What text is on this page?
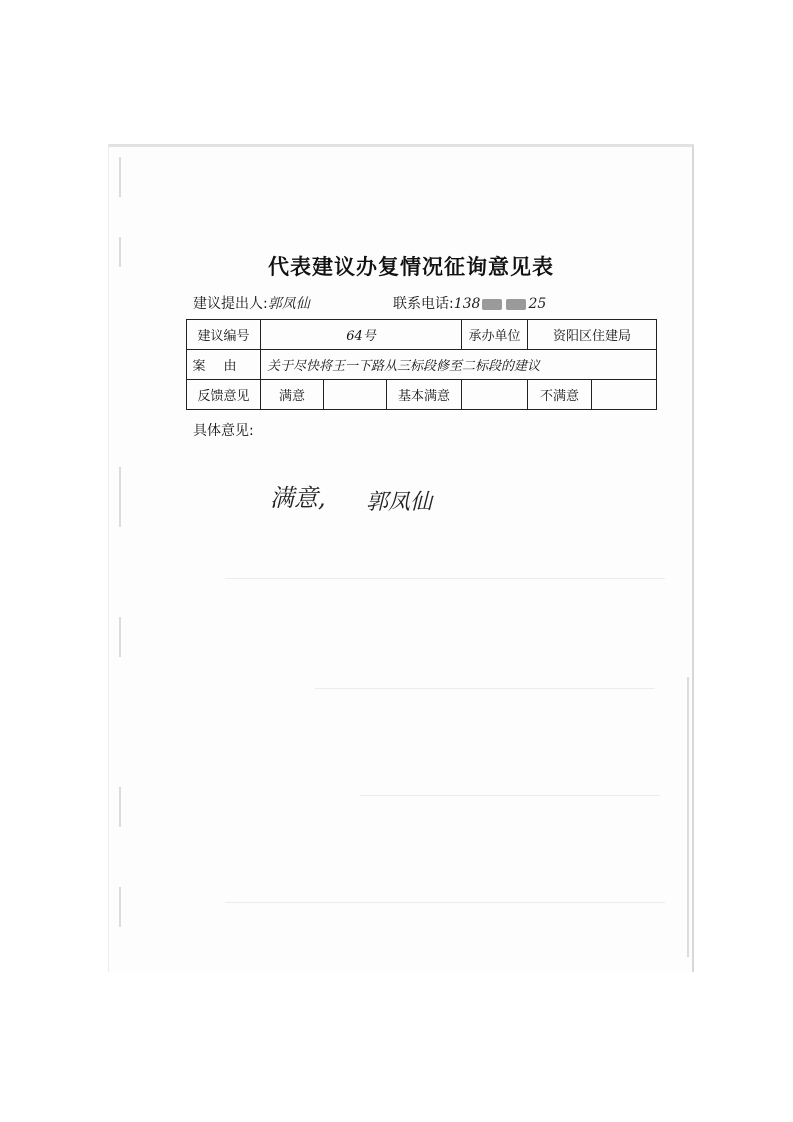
代表建议办复情况征询意见表
建议提出人:郭凤仙	联系电话:138	25
建议编号	64号			承办单位	资阳区住建局	
案由	关于尽快将王一下路从三标段修至二标段的建议					
反馈意见	满意		基本满意		不满意	
具体意见:
满意, 郭凤仙
